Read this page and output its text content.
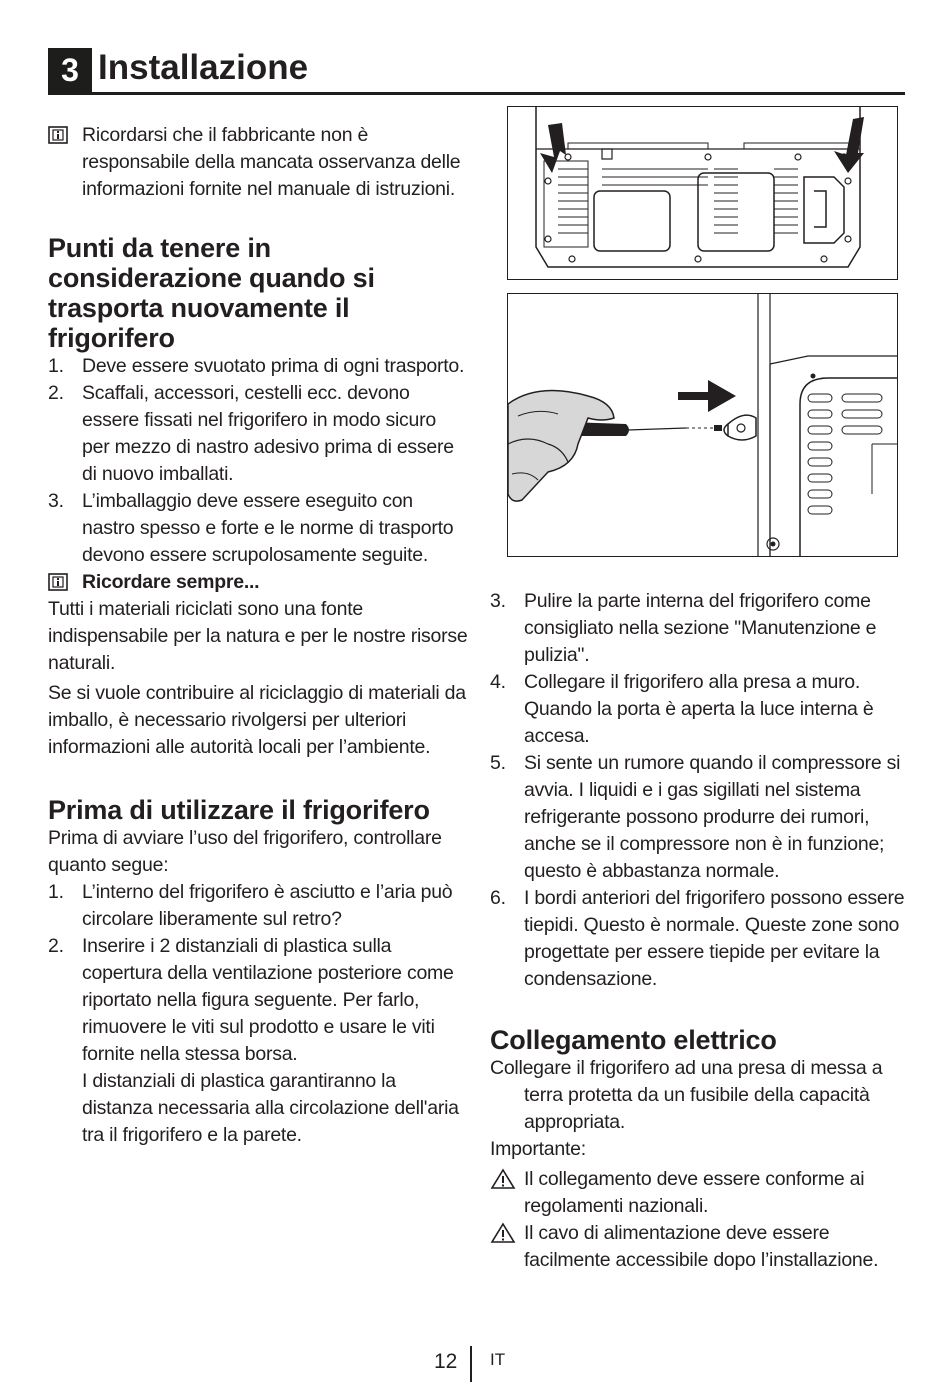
3 Installazione

Ricordarsi che il fabbricante non è responsabile della mancata osservanza delle informazioni fornite nel manuale di istruzioni.

Punti da tenere in considerazione quando si trasporta nuovamente il frigorifero
1. Deve essere svuotato prima di ogni trasporto.
2. Scaffali, accessori, cestelli ecc. devono essere fissati nel frigorifero in modo sicuro per mezzo di nastro adesivo prima di essere di nuovo imballati.
3. L’imballaggio deve essere eseguito con nastro spesso e forte e le norme di trasporto devono essere scrupolosamente seguite.

Ricordare sempre...

Tutti i materiali riciclati sono una fonte indispensabile per la natura e per le nostre risorse naturali.

Se si vuole contribuire al riciclaggio di materiali da imballo, è necessario rivolgersi per ulteriori informazioni alle autorità locali per l’ambiente.

Prima di utilizzare il frigorifero

Prima di avviare l’uso del frigorifero, controllare quanto segue:

1. L’interno del frigorifero è asciutto e l’aria può circolare liberamente sul retro?
2. Inserire i 2 distanziali di plastica sulla copertura della ventilazione posteriore come riportato nella figura seguente. Per farlo, rimuovere le viti sul prodotto e usare le viti fornite nella stessa borsa.
I distanziali di plastica garantiranno la distanza necessaria alla circolazione dell'aria tra il frigorifero e la parete.
3. Pulire la parte interna del frigorifero come consigliato nella sezione "Manutenzione e pulizia".
4. Collegare il frigorifero alla presa a muro. Quando la porta è aperta la luce interna è accesa.
5. Si sente un rumore quando il compressore si avvia. I liquidi e i gas sigillati nel sistema refrigerante possono produrre dei rumori, anche se il compressore non è in funzione; questo è abbastanza normale.
6. I bordi anteriori del frigorifero possono essere tiepidi. Questo è normale. Queste zone sono progettate per essere tiepide per evitare la condensazione.
Collegamento elettrico

Collegare il frigorifero ad una presa di messa a terra protetta da un fusibile della capacità appropriata.

Importante:

Il collegamento deve essere conforme ai regolamenti nazionali.

Il cavo di alimentazione deve essere facilmente accessibile dopo l’installazione.

12 IT
